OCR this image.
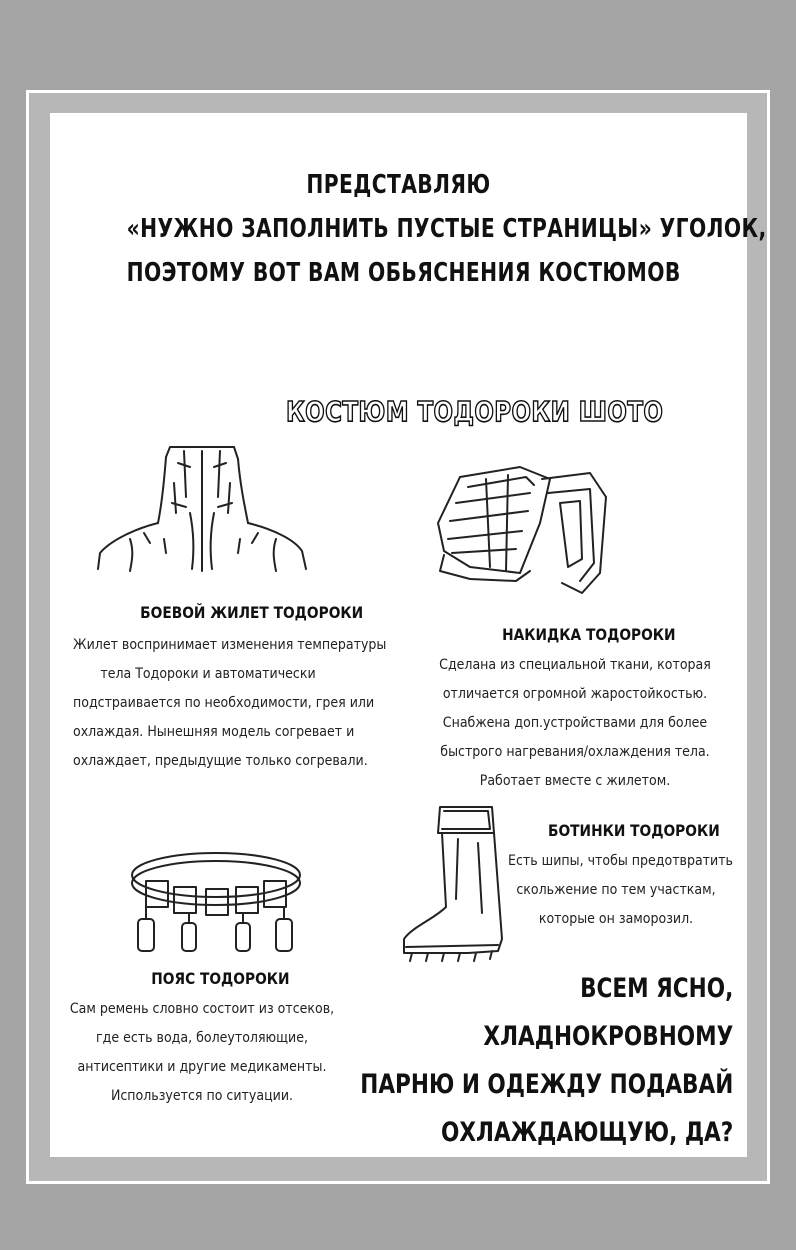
ПРЕДСТАВЛЯЮ
«НУЖНО ЗАПОЛНИТЬ ПУСТЫЕ СТРАНИЦЫ» УГОЛОК,
ПОЭТОМУ ВОТ ВАМ ОБЬЯСНЕНИЯ КОСТЮМОВ
КОСТЮМ ТОДОРОКИ ШОТО
БОЕВОЙ ЖИЛЕТ ТОДОРОКИ
Жилет воспринимает изменения температуры
тела Тодороки и автоматически
подстраивается по необходимости, грея или
охлаждая. Нынешняя модель согревает и
охлаждает, предыдущие только согревали.
НАКИДКА ТОДОРОКИ
Сделана из специальной ткани, которая
отличается огромной жаростойкостью.
Снабжена доп.устройствами для более
быстрого нагревания/охлаждения тела.
Работает вместе с жилетом.
БОТИНКИ ТОДОРОКИ
Есть шипы, чтобы предотвратить
скольжение по тем участкам,
которые он заморозил.
ПОЯС ТОДОРОКИ
Сам ремень словно состоит из отсеков,
где есть вода, болеутоляющие,
антисептики и другие медикаменты.
Используется по ситуации.
ВСЕМ ЯСНО,
ХЛАДНОКРОВНОМУ
ПАРНЮ И ОДЕЖДУ ПОДАВАЙ
ОХЛАЖДАЮЩУЮ, ДА?
